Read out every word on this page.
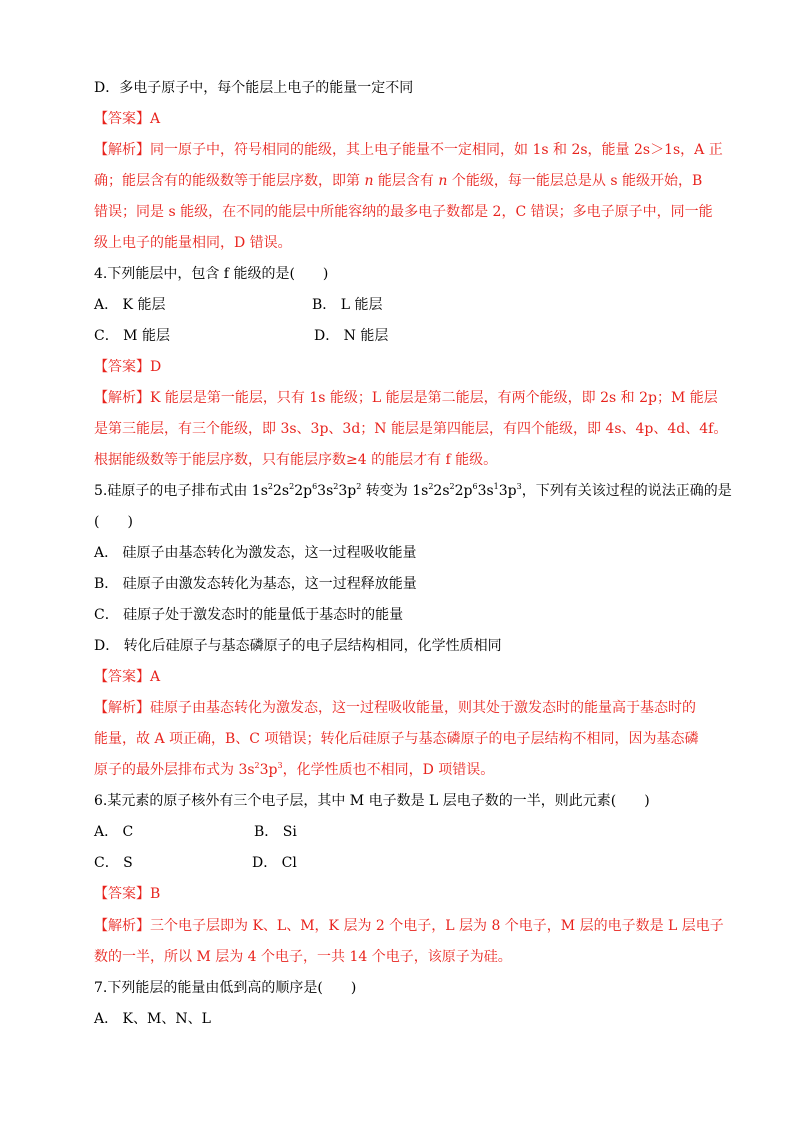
D．多电子原子中，每个能层上电子的能量一定不同
【答案】A
【解析】同一原子中，符号相同的能级，其上电子能量不一定相同，如 1s 和 2s，能量 2s＞1s，A 正
确；能层含有的能级数等于能层序数，即第 n 能层含有 n 个能级，每一能层总是从 s 能级开始，B
错误；同是 s 能级，在不同的能层中所能容纳的最多电子数都是 2，C 错误；多电子原子中，同一能
级上电子的能量相同，D 错误。
4.下列能层中，包含 f 能级的是(　　)
A． K 能层	B． L 能层
C． M 能层	D． N 能层
【答案】D
【解析】K 能层是第一能层，只有 1s 能级；L 能层是第二能层，有两个能级，即 2s 和 2p；M 能层
是第三能层，有三个能级，即 3s、3p、3d；N 能层是第四能层，有四个能级，即 4s、4p、4d、4f。
根据能级数等于能层序数，只有能层序数≥4 的能层才有 f 能级。
5.硅原子的电子排布式由 $1s^22s^22p^63s^23p^2$ 转变为 $1s^22s^22p^63s^13p^3$，下列有关该过程的说法正确的是
(　　)
A． 硅原子由基态转化为激发态，这一过程吸收能量
B． 硅原子由激发态转化为基态，这一过程释放能量
C． 硅原子处于激发态时的能量低于基态时的能量
D． 转化后硅原子与基态磷原子的电子层结构相同，化学性质相同
【答案】A
【解析】硅原子由基态转化为激发态，这一过程吸收能量，则其处于激发态时的能量高于基态时的
能量，故 A 项正确，B、C 项错误；转化后硅原子与基态磷原子的电子层结构不相同，因为基态磷
原子的最外层排布式为 $3s^23p^3$，化学性质也不相同，D 项错误。
6.某元素的原子核外有三个电子层，其中 M 电子数是 L 层电子数的一半，则此元素(　　)
A． C	B． Si
C． S	D． Cl
【答案】B
【解析】三个电子层即为 K、L、M，K 层为 2 个电子，L 层为 8 个电子，M 层的电子数是 L 层电子
数的一半，所以 M 层为 4 个电子，一共 14 个电子，该原子为硅。
7.下列能层的能量由低到高的顺序是(　　)
A． K、M、N、L
